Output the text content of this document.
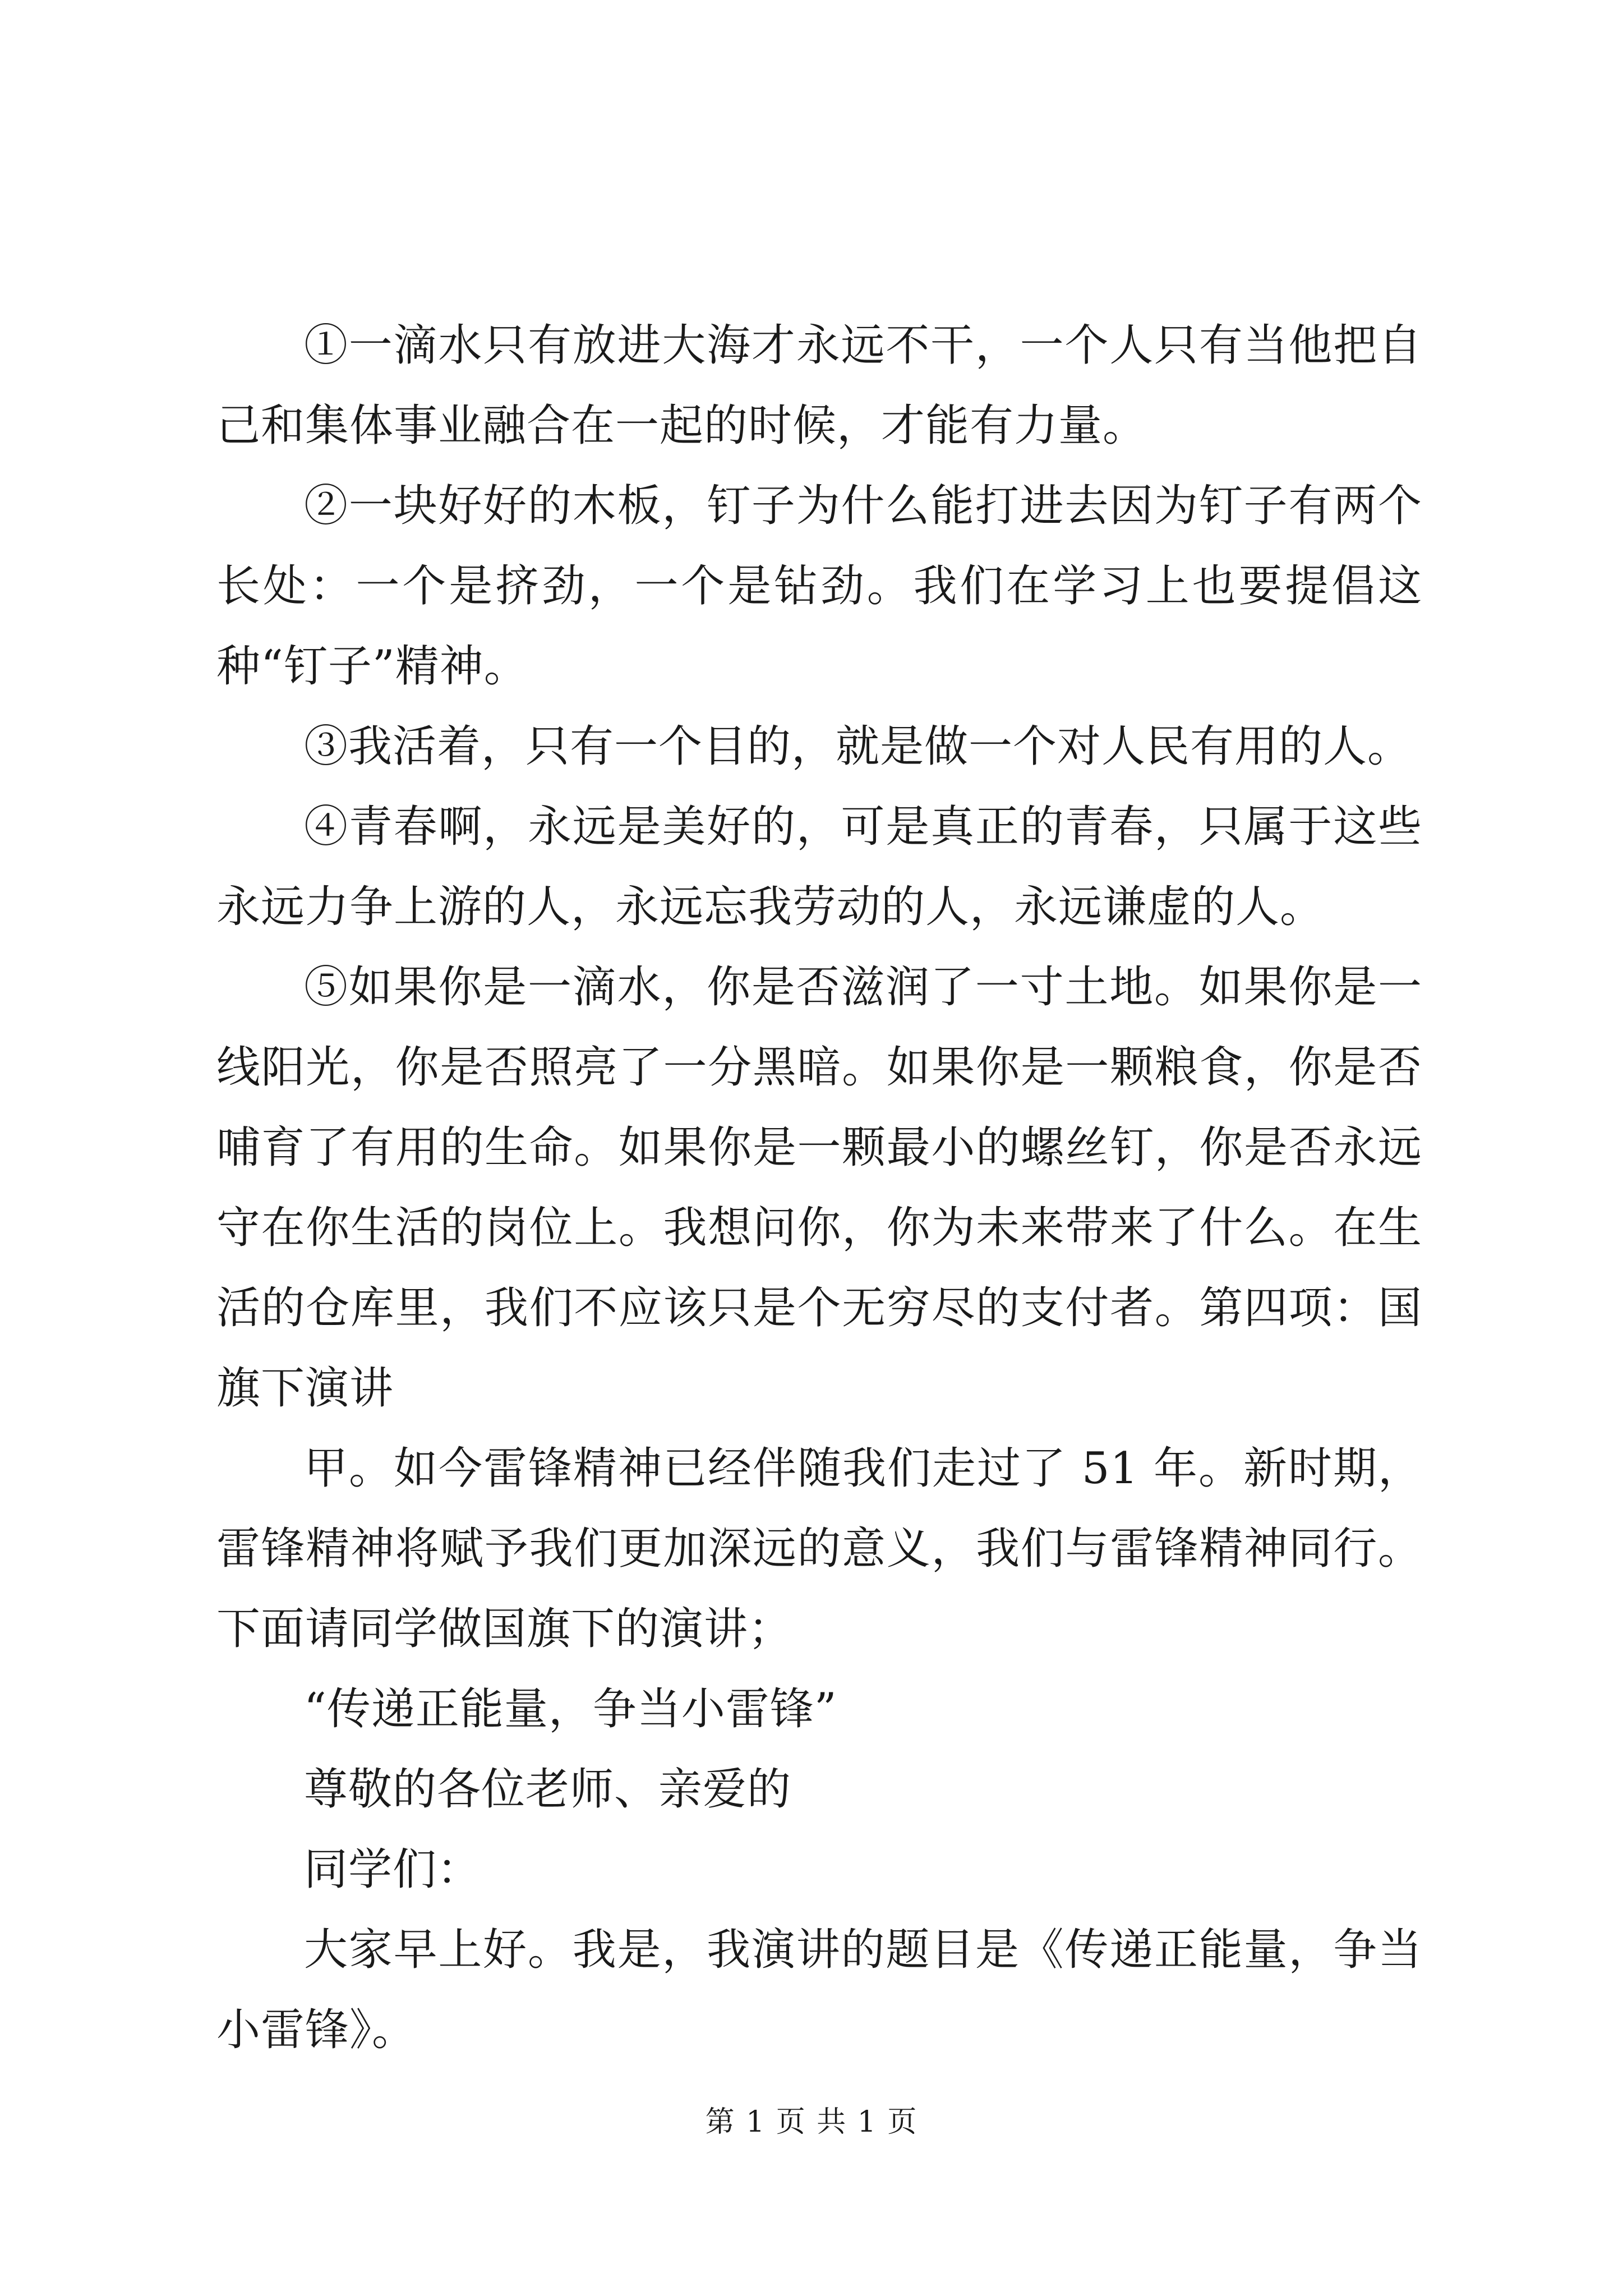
①一滴水只有放进大海才永远不干，一个人只有当他把自己和集体事业融合在一起的时候，才能有力量。

②一块好好的木板，钉子为什么能打进去因为钉子有两个长处：一个是挤劲，一个是钻劲。我们在学习上也要提倡这种“钉子”精神。

③我活着，只有一个目的，就是做一个对人民有用的人。

④青春啊，永远是美好的，可是真正的青春，只属于这些永远力争上游的人，永远忘我劳动的人，永远谦虚的人。

⑤如果你是一滴水，你是否滋润了一寸土地。如果你是一线阳光，你是否照亮了一分黑暗。如果你是一颗粮食，你是否哺育了有用的生命。如果你是一颗最小的螺丝钉，你是否永远守在你生活的岗位上。我想问你，你为未来带来了什么。在生活的仓库里，我们不应该只是个无穷尽的支付者。第四项：国旗下演讲

甲。如今雷锋精神已经伴随我们走过了 51 年。新时期，雷锋精神将赋予我们更加深远的意义，我们与雷锋精神同行。下面请同学做国旗下的演讲；

“传递正能量，争当小雷锋”

尊敬的各位老师、亲爱的

同学们：

大家早上好。我是，我演讲的题目是《传递正能量，争当小雷锋》。

第 1 页 共 1 页
